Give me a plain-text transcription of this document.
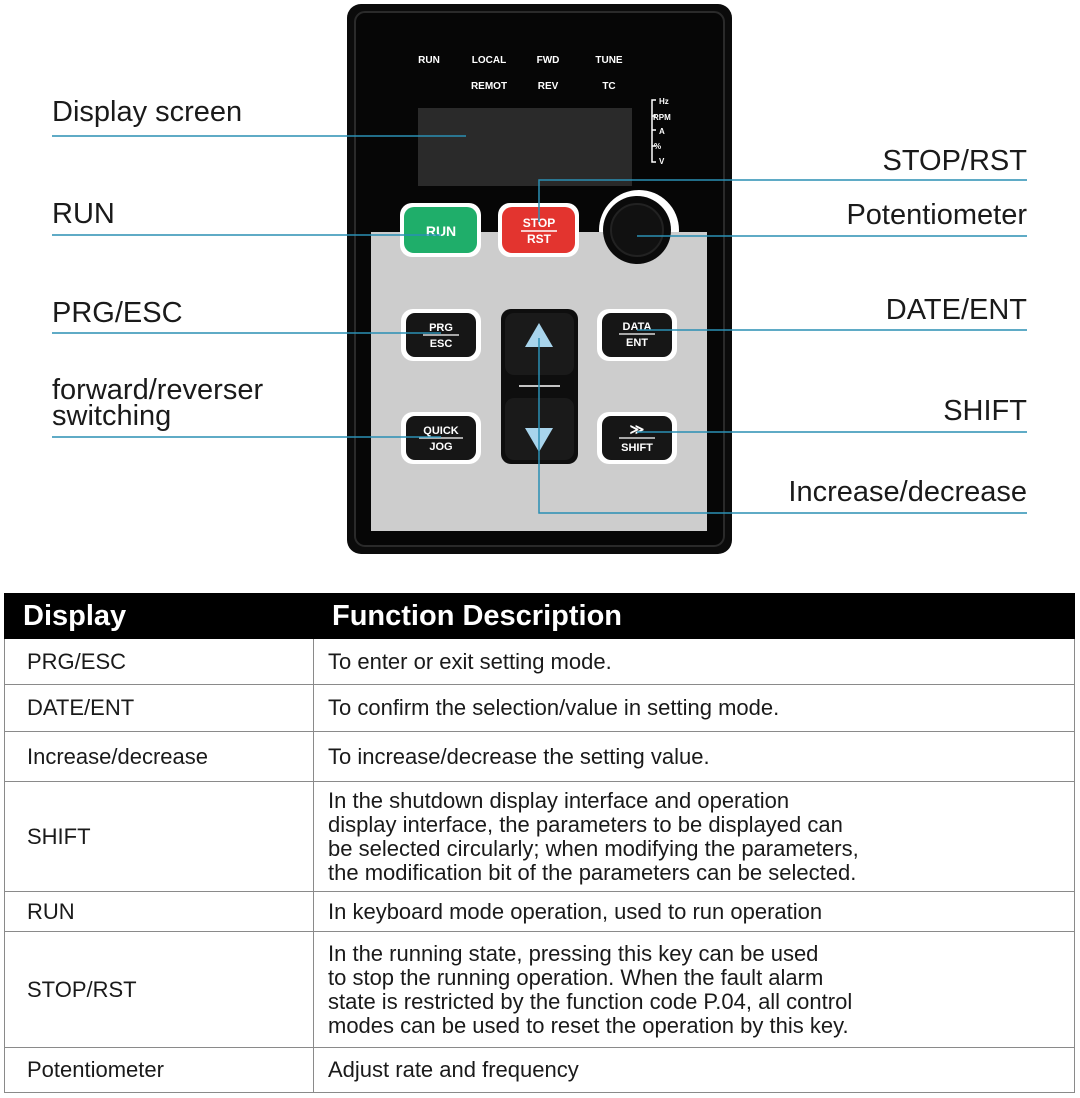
RUN	LOCAL	FWD	TUNE
REMOT	REV	TC
Hz
RPM
A
%
V
RUN	STOP
RST
PRG
ESC
DATA
ENT
QUICK
JOG
≫
SHIFT
Display screen
RUN
PRG/ESC
forward/reverser
switching
STOP/RST
Potentiometer
DATE/ENT
SHIFT
Increase/decrease
Display	Function Description
PRG/ESC	To enter or exit setting mode.

DATE/ENT	To confirm the selection/value in setting mode.

Increase/decrease	To increase/decrease the setting value.

SHIFT	In the shutdown display interface and operation
display interface, the parameters to be displayed can
be selected circularly; when modifying the parameters,
the modification bit of the parameters can be selected.

RUN	In keyboard mode operation, used to run operation

STOP/RST	In the running state, pressing this key can be used
to stop the running operation. When the fault alarm
state is restricted by the function code P.04, all control
modes can be used to reset the operation by this key.

Potentiometer	Adjust rate and frequency
